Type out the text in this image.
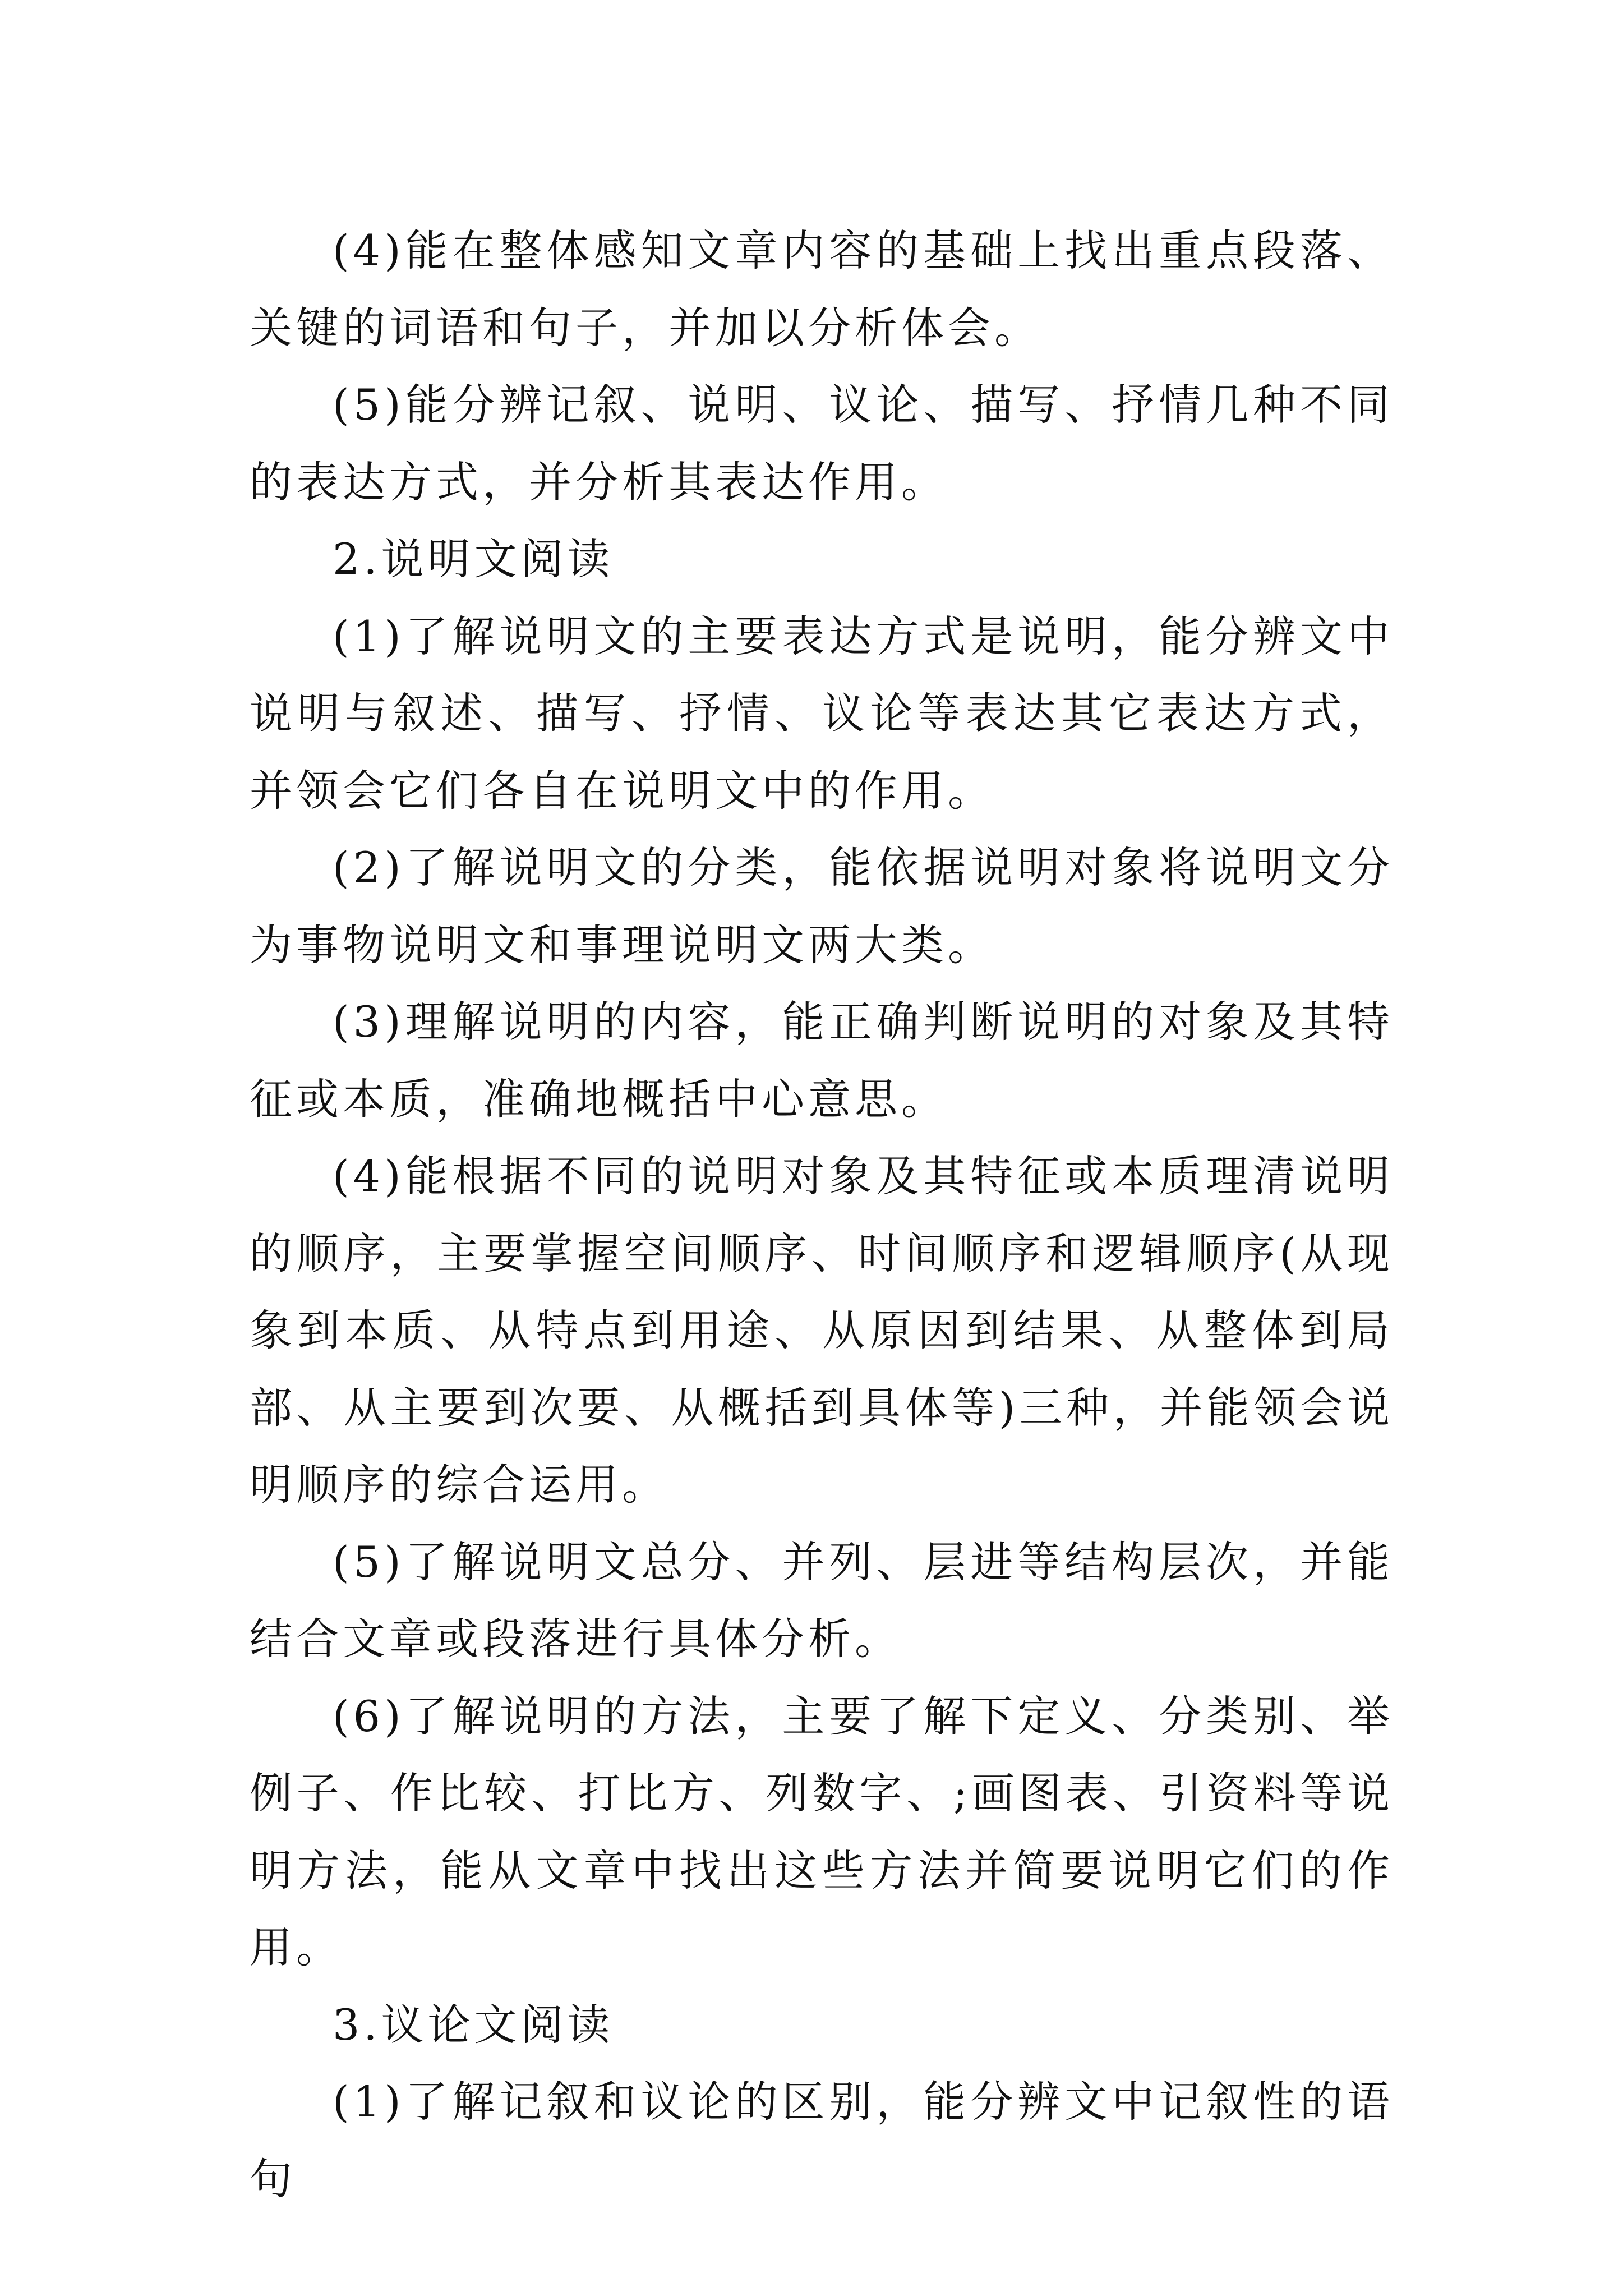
(4)能在整体感知文章内容的基础上找出重点段落、关键的词语和句子，并加以分析体会。

(5)能分辨记叙、说明、议论、描写、抒情几种不同的表达方式，并分析其表达作用。

2.说明文阅读

(1)了解说明文的主要表达方式是说明，能分辨文中说明与叙述、描写、抒情、议论等表达其它表达方式，并领会它们各自在说明文中的作用。

(2)了解说明文的分类，能依据说明对象将说明文分为事物说明文和事理说明文两大类。

(3)理解说明的内容，能正确判断说明的对象及其特征或本质，准确地概括中心意思。

(4)能根据不同的说明对象及其特征或本质理清说明的顺序，主要掌握空间顺序、时间顺序和逻辑顺序(从现象到本质、从特点到用途、从原因到结果、从整体到局部、从主要到次要、从概括到具体等)三种，并能领会说明顺序的综合运用。

(5)了解说明文总分、并列、层进等结构层次，并能结合文章或段落进行具体分析。

(6)了解说明的方法，主要了解下定义、分类别、举例子、作比较、打比方、列数字、;画图表、引资料等说明方法，能从文章中找出这些方法并简要说明它们的作用。

3.议论文阅读

(1)了解记叙和议论的区别，能分辨文中记叙性的语句
